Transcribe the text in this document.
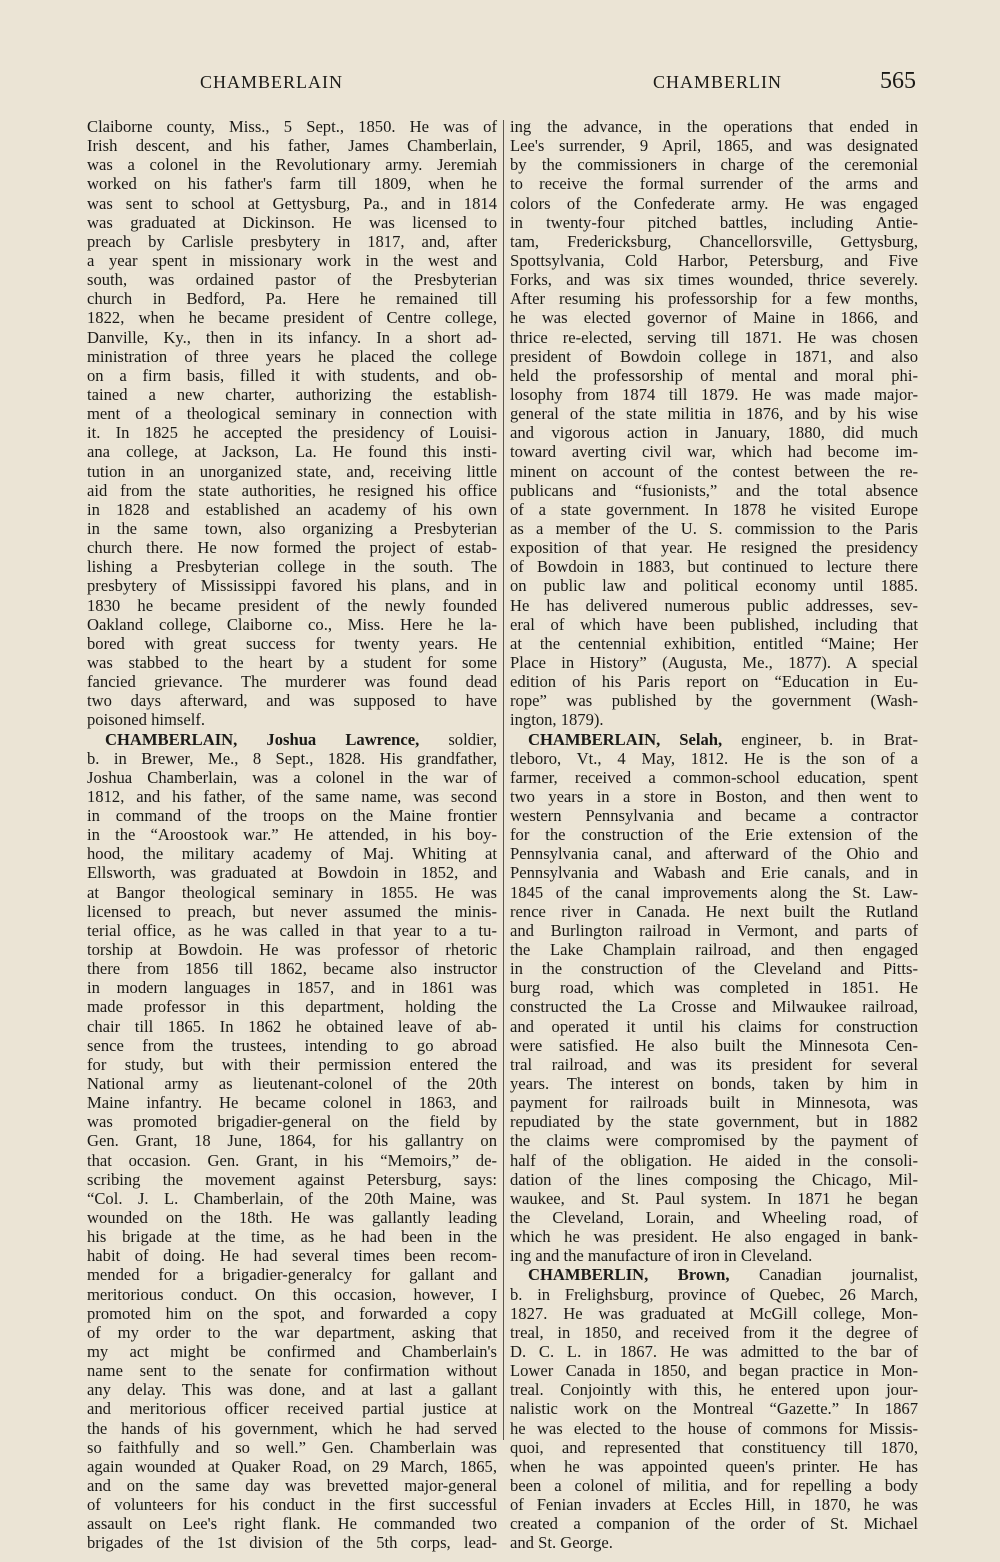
CHAMBERLAIN	CHAMBERLIN	565
Claiborne county, Miss., 5 Sept., 1850. He was of
Irish descent, and his father, James Chamberlain,
was a colonel in the Revolutionary army. Jeremiah
worked on his father's farm till 1809, when he
was sent to school at Gettysburg, Pa., and in 1814
was graduated at Dickinson. He was licensed to
preach by Carlisle presbytery in 1817, and, after
a year spent in missionary work in the west and
south, was ordained pastor of the Presbyterian
church in Bedford, Pa. Here he remained till
1822, when he became president of Centre college,
Danville, Ky., then in its infancy. In a short ad-
ministration of three years he placed the college
on a firm basis, filled it with students, and ob-
tained a new charter, authorizing the establish-
ment of a theological seminary in connection with
it. In 1825 he accepted the presidency of Louisi-
ana college, at Jackson, La. He found this insti-
tution in an unorganized state, and, receiving little
aid from the state authorities, he resigned his office
in 1828 and established an academy of his own
in the same town, also organizing a Presbyterian
church there. He now formed the project of estab-
lishing a Presbyterian college in the south. The
presbytery of Mississippi favored his plans, and in
1830 he became president of the newly founded
Oakland college, Claiborne co., Miss. Here he la-
bored with great success for twenty years. He
was stabbed to the heart by a student for some
fancied grievance. The murderer was found dead
two days afterward, and was supposed to have
poisoned himself.
CHAMBERLAIN, Joshua Lawrence, soldier,
b. in Brewer, Me., 8 Sept., 1828. His grandfather,
Joshua Chamberlain, was a colonel in the war of
1812, and his father, of the same name, was second
in command of the troops on the Maine frontier
in the “Aroostook war.” He attended, in his boy-
hood, the military academy of Maj. Whiting at
Ellsworth, was graduated at Bowdoin in 1852, and
at Bangor theological seminary in 1855. He was
licensed to preach, but never assumed the minis-
terial office, as he was called in that year to a tu-
torship at Bowdoin. He was professor of rhetoric
there from 1856 till 1862, became also instructor
in modern languages in 1857, and in 1861 was
made professor in this department, holding the
chair till 1865. In 1862 he obtained leave of ab-
sence from the trustees, intending to go abroad
for study, but with their permission entered the
National army as lieutenant-colonel of the 20th
Maine infantry. He became colonel in 1863, and
was promoted brigadier-general on the field by
Gen. Grant, 18 June, 1864, for his gallantry on
that occasion. Gen. Grant, in his “Memoirs,” de-
scribing the movement against Petersburg, says:
“Col. J. L. Chamberlain, of the 20th Maine, was
wounded on the 18th. He was gallantly leading
his brigade at the time, as he had been in the
habit of doing. He had several times been recom-
mended for a brigadier-generalcy for gallant and
meritorious conduct. On this occasion, however, I
promoted him on the spot, and forwarded a copy
of my order to the war department, asking that
my act might be confirmed and Chamberlain's
name sent to the senate for confirmation without
any delay. This was done, and at last a gallant
and meritorious officer received partial justice at
the hands of his government, which he had served
so faithfully and so well.” Gen. Chamberlain was
again wounded at Quaker Road, on 29 March, 1865,
and on the same day was brevetted major-general
of volunteers for his conduct in the first successful
assault on Lee's right flank. He commanded two
brigades of the 1st division of the 5th corps, lead-
ing the advance, in the operations that ended in
Lee's surrender, 9 April, 1865, and was designated
by the commissioners in charge of the ceremonial
to receive the formal surrender of the arms and
colors of the Confederate army. He was engaged
in twenty-four pitched battles, including Antie-
tam, Fredericksburg, Chancellorsville, Gettysburg,
Spottsylvania, Cold Harbor, Petersburg, and Five
Forks, and was six times wounded, thrice severely.
After resuming his professorship for a few months,
he was elected governor of Maine in 1866, and
thrice re-elected, serving till 1871. He was chosen
president of Bowdoin college in 1871, and also
held the professorship of mental and moral phi-
losophy from 1874 till 1879. He was made major-
general of the state militia in 1876, and by his wise
and vigorous action in January, 1880, did much
toward averting civil war, which had become im-
minent on account of the contest between the re-
publicans and “fusionists,” and the total absence
of a state government. In 1878 he visited Europe
as a member of the U. S. commission to the Paris
exposition of that year. He resigned the presidency
of Bowdoin in 1883, but continued to lecture there
on public law and political economy until 1885.
He has delivered numerous public addresses, sev-
eral of which have been published, including that
at the centennial exhibition, entitled “Maine; Her
Place in History” (Augusta, Me., 1877). A special
edition of his Paris report on “Education in Eu-
rope” was published by the government (Wash-
ington, 1879).
CHAMBERLAIN, Selah, engineer, b. in Brat-
tleboro, Vt., 4 May, 1812. He is the son of a
farmer, received a common-school education, spent
two years in a store in Boston, and then went to
western Pennsylvania and became a contractor
for the construction of the Erie extension of the
Pennsylvania canal, and afterward of the Ohio and
Pennsylvania and Wabash and Erie canals, and in
1845 of the canal improvements along the St. Law-
rence river in Canada. He next built the Rutland
and Burlington railroad in Vermont, and parts of
the Lake Champlain railroad, and then engaged
in the construction of the Cleveland and Pitts-
burg road, which was completed in 1851. He
constructed the La Crosse and Milwaukee railroad,
and operated it until his claims for construction
were satisfied. He also built the Minnesota Cen-
tral railroad, and was its president for several
years. The interest on bonds, taken by him in
payment for railroads built in Minnesota, was
repudiated by the state government, but in 1882
the claims were compromised by the payment of
half of the obligation. He aided in the consoli-
dation of the lines composing the Chicago, Mil-
waukee, and St. Paul system. In 1871 he began
the Cleveland, Lorain, and Wheeling road, of
which he was president. He also engaged in bank-
ing and the manufacture of iron in Cleveland.
CHAMBERLIN, Brown, Canadian journalist,
b. in Frelighsburg, province of Quebec, 26 March,
1827. He was graduated at McGill college, Mon-
treal, in 1850, and received from it the degree of
D. C. L. in 1867. He was admitted to the bar of
Lower Canada in 1850, and began practice in Mon-
treal. Conjointly with this, he entered upon jour-
nalistic work on the Montreal “Gazette.” In 1867
he was elected to the house of commons for Missis-
quoi, and represented that constituency till 1870,
when he was appointed queen's printer. He has
been a colonel of militia, and for repelling a body
of Fenian invaders at Eccles Hill, in 1870, he was
created a companion of the order of St. Michael
and St. George.
